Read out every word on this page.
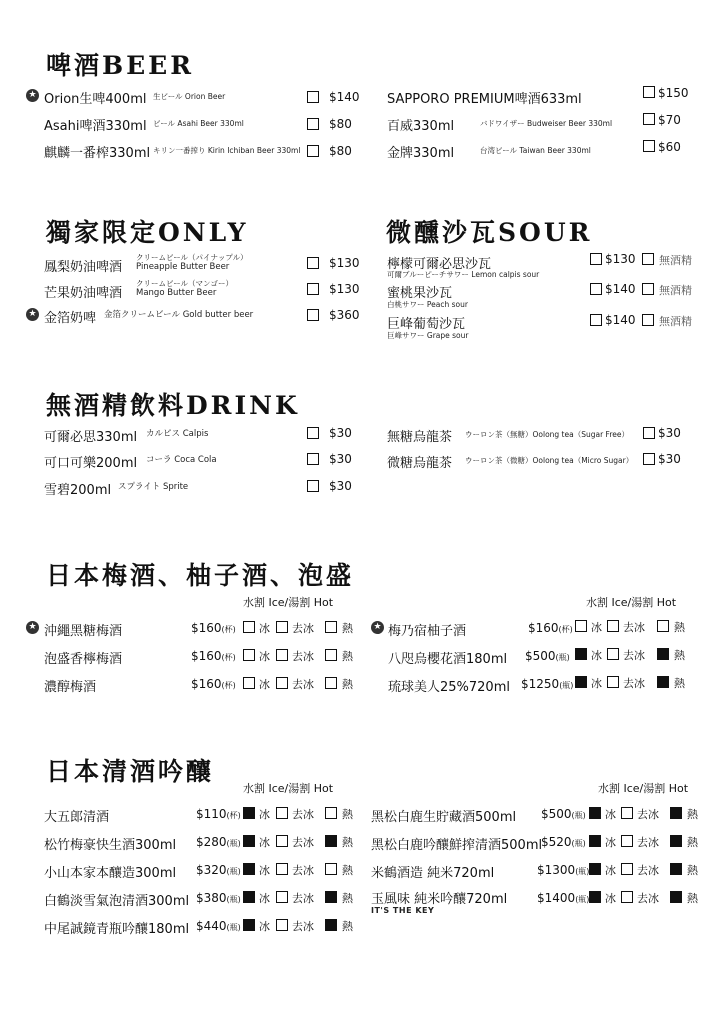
啤酒BEER
★ Orion生啤400ml 生ビール Orion Beer	$140
Asahi啤酒330ml ビール Asahi Beer 330ml	$80
麒麟一番榨330ml キリン一番搾り Kirin Ichiban Beer 330ml $80
SAPPORO PREMIUM啤酒633ml	$150
百威330ml	バドワイザー Budweiser Beer 330ml	$70
金牌330ml	台湾ビール Taiwan Beer 330ml	$60
獨家限定ONLY
鳳梨奶油啤酒
クリームビール（パイナップル）
Pineapple Butter Beer	$130
芒果奶油啤酒
クリームビール（マンゴー）
Mango Butter Beer	$130
★ 金箔奶啤 金箔クリームビール Gold butter beer	$360
微醺沙瓦SOUR
檸檬可爾必思沙瓦
可爾ブルーピーチサワー Lemon calpis sour
$130 無酒精
蜜桃果沙瓦
白桃サワー Peach sour
$140 無酒精
巨峰葡萄沙瓦
巨峰サワー Grape sour
$140 無酒精
無酒精飲料DRINK
可爾必思330ml カルピス Calpis	$30
可口可樂200ml コーラ Coca Cola	$30
雪碧200ml スプライト Sprite	$30
無糖烏龍茶 ウーロン茶（無糖）Oolong tea（Sugar Free） $30
微糖烏龍茶 ウーロン茶（微糖）Oolong tea（Micro Sugar） $30
日本梅酒、柚子酒、泡盛
水割 Ice/湯割 Hot	水割 Ice/湯割 Hot
★ 沖繩黑糖梅酒	$160(杯) 冰 去冰	熱
泡盛香檸梅酒	$160(杯) 冰 去冰	熱
濃醇梅酒	$160(杯) 冰 去冰	熱
★ 梅乃宿柚子酒	$160(杯) 冰 去冰	熱
八咫烏櫻花酒180ml $500(瓶) 冰 去冰	熱
琉球美人25%720ml $1250(瓶) 冰 去冰	熱
日本清酒吟釀
水割 Ice/湯割 Hot	水割 Ice/湯割 Hot
大五郎清酒	$110(杯) 冰 去冰	熱
松竹梅豪快生酒300ml $280(瓶) 冰 去冰	熱
小山本家本釀造300ml $320(瓶) 冰 去冰	熱
白鶴淡雪氣泡清酒300ml $380(瓶) 冰 去冰	熱
中尾誠鏡青瓶吟釀180ml $440(瓶) 冰 去冰	熱
黑松白鹿生貯藏酒500ml $500(瓶) 冰 去冰	熱
黑松白鹿吟釀鮮搾清酒500ml
$520(瓶) 冰 去冰	熱
米鶴酒造 純米720ml	$1300(瓶) 冰 去冰	熱
玉風味 純米吟釀720ml
IT'S THE KEY
$1400(瓶) 冰 去冰	熱
